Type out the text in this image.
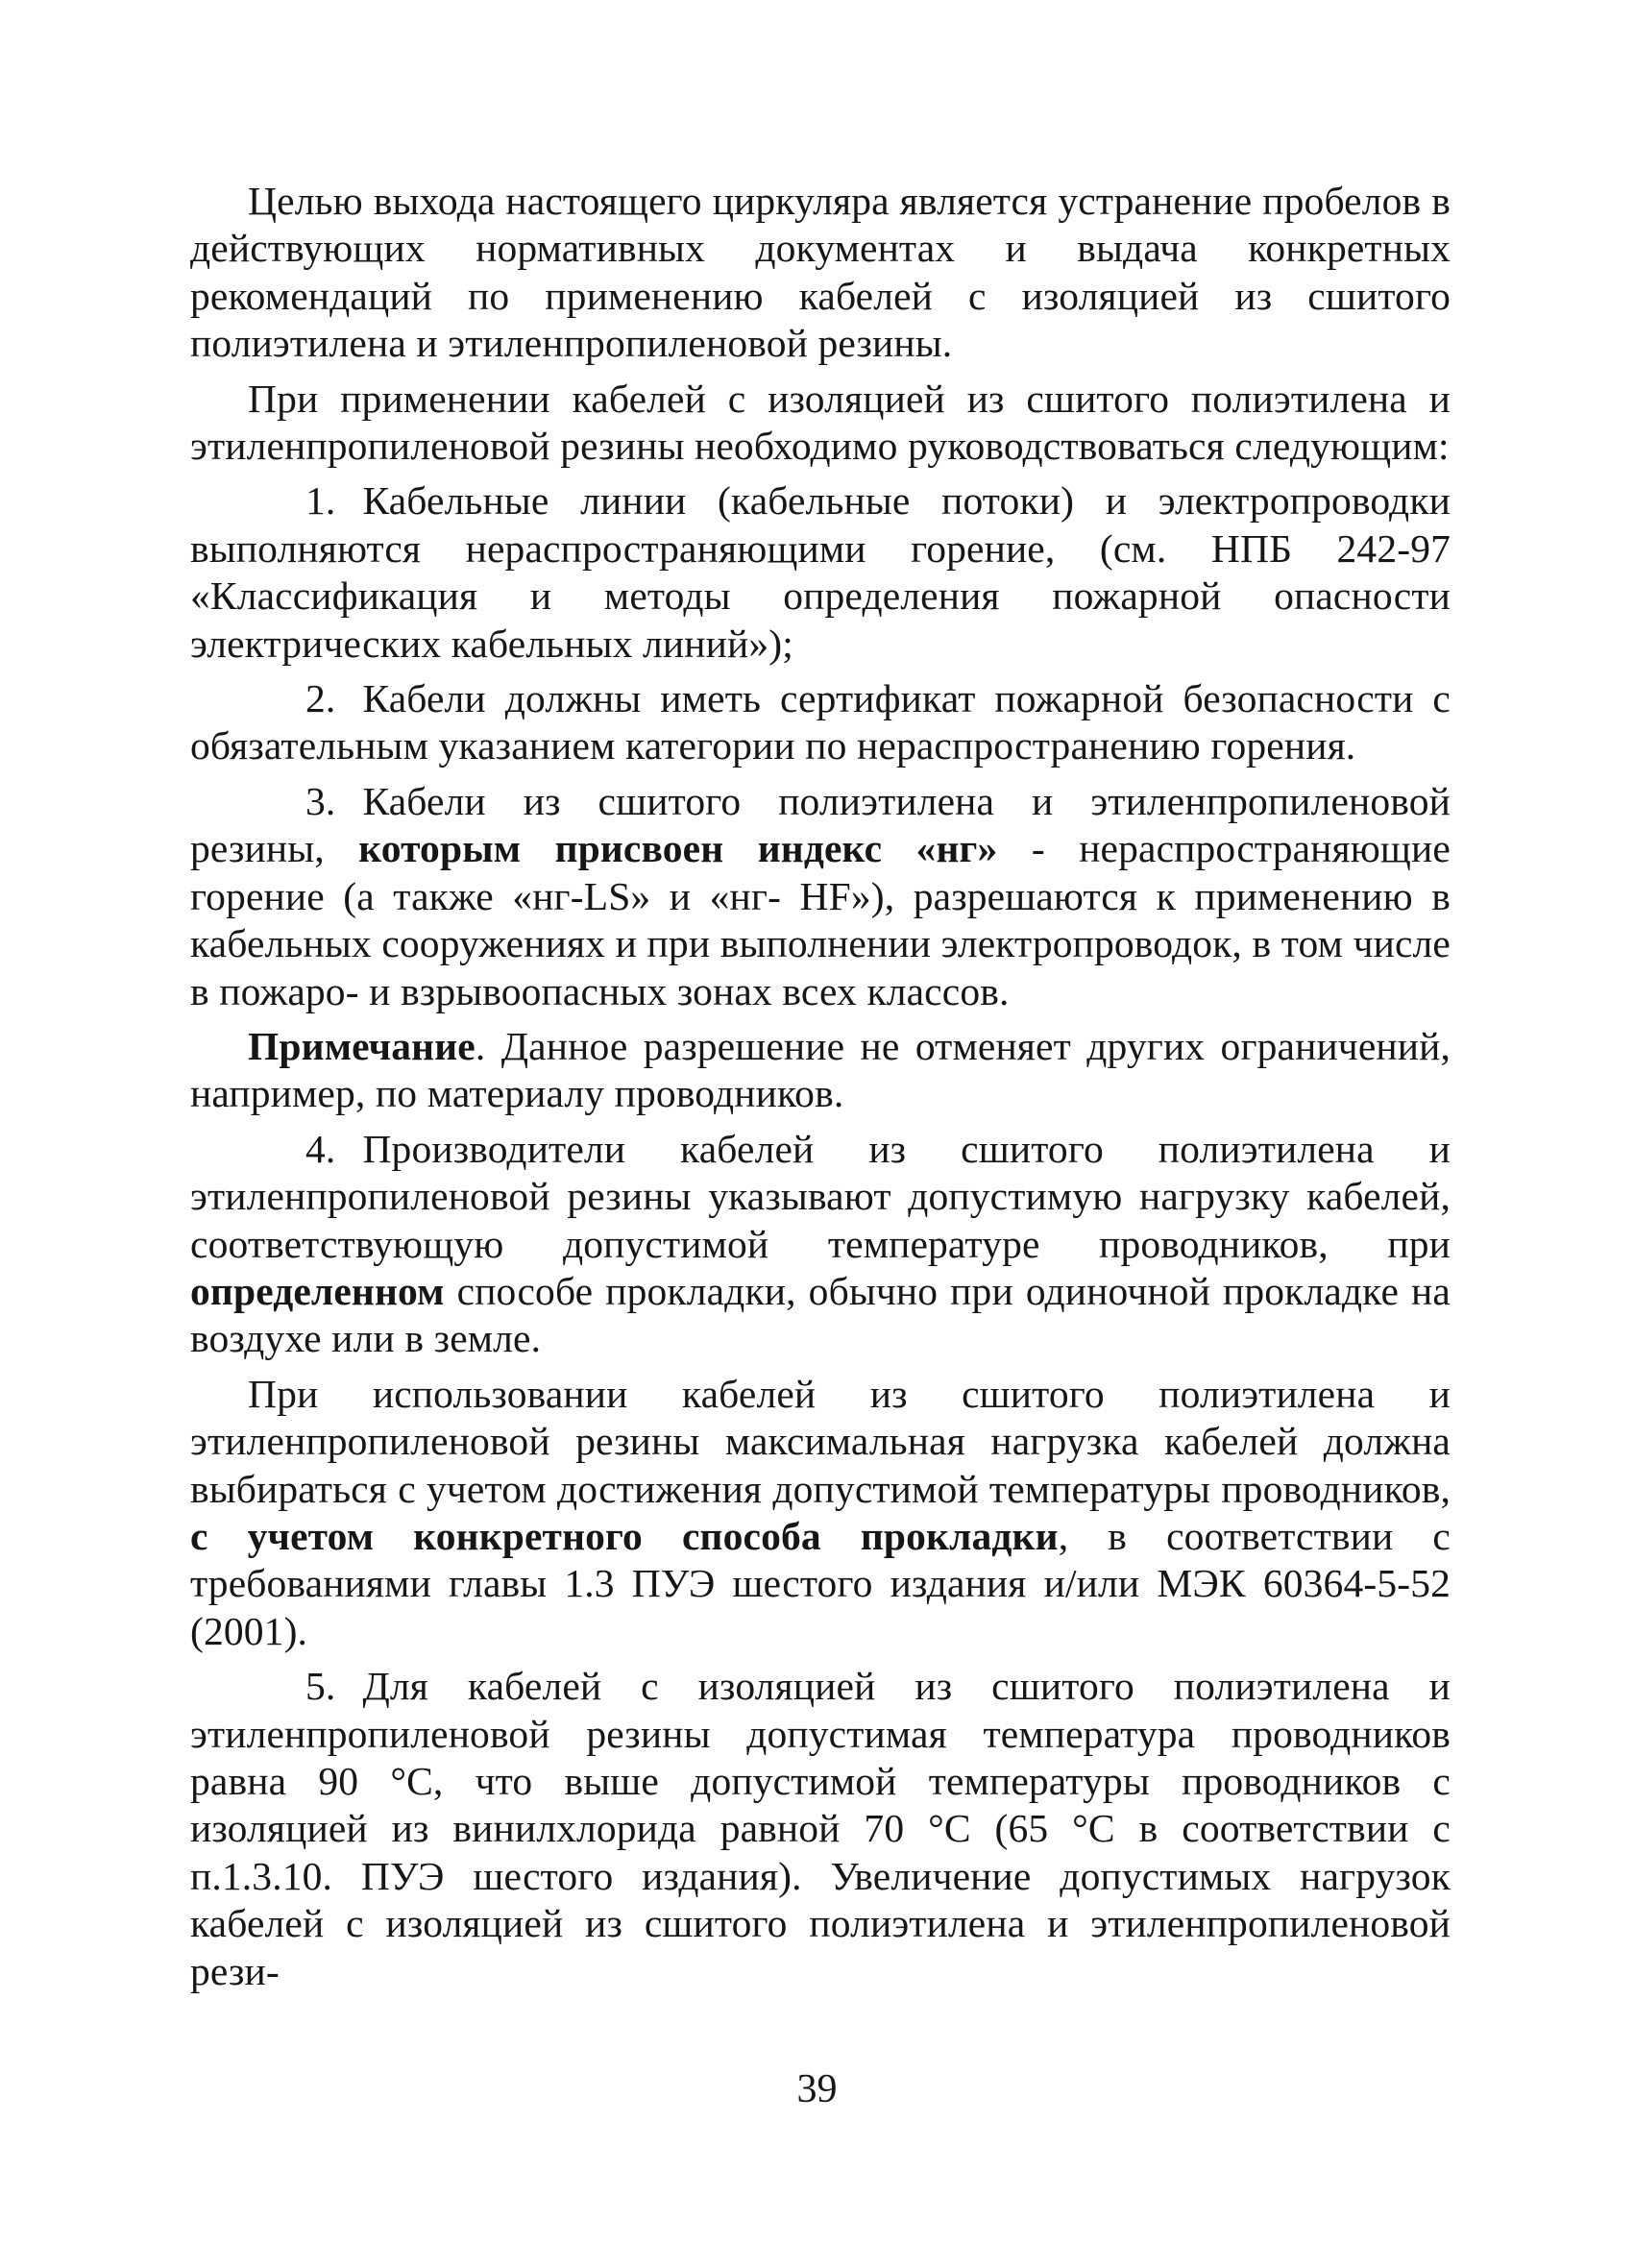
Целью выхода настоящего циркуляра является устранение пробелов в действующих нормативных документах и выдача конкретных рекомендаций по применению кабелей с изоляцией из сшитого полиэтилена и этиленпропиленовой резины.

При применении кабелей с изоляцией из сшитого полиэтилена и этиленпропиленовой резины необходимо руководствоваться следующим:

1. Кабельные линии (кабельные потоки) и электропроводки выполняются нераспространяющими горение, (см. НПБ 242-97 «Классификация и методы определения пожарной опасности электрических кабельных линий»);

2. Кабели должны иметь сертификат пожарной безопасности с обязательным указанием категории по нераспространению горения.

3. Кабели из сшитого полиэтилена и этиленпропиленовой резины, которым присвоен индекс «нг» - нераспространяющие горение (а также «нг-LS» и «нг- HF»), разрешаются к применению в кабельных сооружениях и при выполнении электропроводок, в том числе в пожаро- и взрывоопасных зонах всех классов.

Примечание. Данное разрешение не отменяет других ограничений, например, по материалу проводников.

4. Производители кабелей из сшитого полиэтилена и этиленпропиленовой резины указывают допустимую нагрузку кабелей, соответствующую допустимой температуре проводников, при определенном способе прокладки, обычно при одиночной прокладке на воздухе или в земле.

При использовании кабелей из сшитого полиэтилена и этиленпропиленовой резины максимальная нагрузка кабелей должна выбираться с учетом достижения допустимой температуры проводников, с учетом конкретного способа прокладки, в соответствии с требованиями главы 1.3 ПУЭ шестого издания и/или МЭК 60364-5-52 (2001).

5. Для кабелей с изоляцией из сшитого полиэтилена и этиленпропиленовой резины допустимая температура проводников равна 90 °С, что выше допустимой температуры проводников с изоляцией из винилхлорида равной 70 °С (65 °С в соответствии с п.1.3.10. ПУЭ шестого издания). Увеличение допустимых нагрузок кабелей с изоляцией из сшитого полиэтилена и этиленпропиленовой рези-

39
